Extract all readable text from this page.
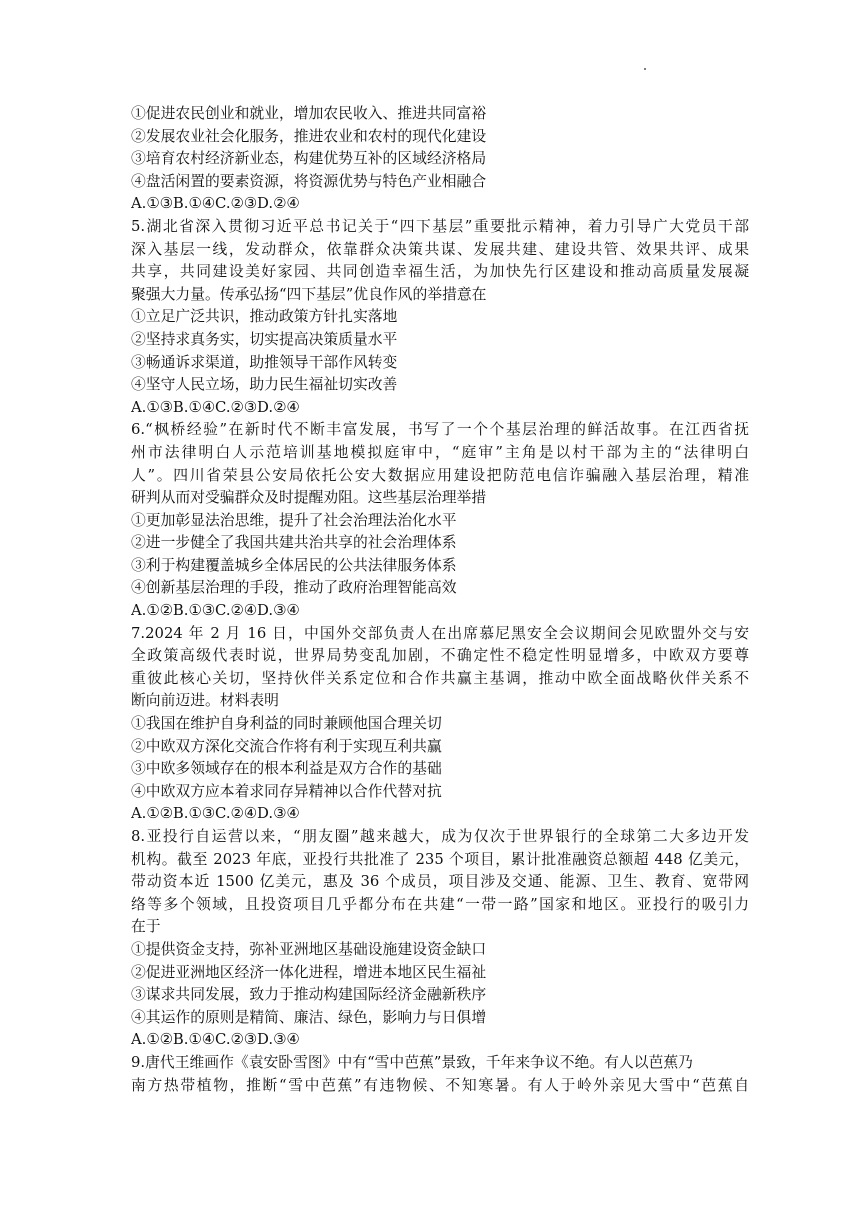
①促进农民创业和就业，增加农民收入、推进共同富裕
②发展农业社会化服务，推进农业和农村的现代化建设
③培育农村经济新业态，构建优势互补的区域经济格局
④盘活闲置的要素资源，将资源优势与特色产业相融合
A.①③B.①④C.②③D.②④
5.湖北省深入贯彻习近平总书记关于“四下基层”重要批示精神，着力引导广大党员干部
深入基层一线，发动群众，依靠群众决策共谋、发展共建、建设共管、效果共评、成果
共享，共同建设美好家园、共同创造幸福生活，为加快先行区建设和推动高质量发展凝
聚强大力量。传承弘扬“四下基层”优良作风的举措意在
①立足广泛共识，推动政策方针扎实落地
②坚持求真务实，切实提高决策质量水平
③畅通诉求渠道，助推领导干部作风转变
④坚守人民立场，助力民生福祉切实改善
A.①③B.①④C.②③D.②④
6.“枫桥经验”在新时代不断丰富发展，书写了一个个基层治理的鲜活故事。在江西省抚
州市法律明白人示范培训基地模拟庭审中，“庭审”主角是以村干部为主的“法律明白
人”。四川省荣县公安局依托公安大数据应用建设把防范电信诈骗融入基层治理，精准
研判从而对受骗群众及时提醒劝阻。这些基层治理举措
①更加彰显法治思维，提升了社会治理法治化水平
②进一步健全了我国共建共治共享的社会治理体系
③利于构建覆盖城乡全体居民的公共法律服务体系
④创新基层治理的手段，推动了政府治理智能高效
A.①②B.①③C.②④D.③④
7.2024 年 2 月 16 日，中国外交部负责人在出席慕尼黑安全会议期间会见欧盟外交与安
全政策高级代表时说，世界局势变乱加剧，不确定性不稳定性明显增多，中欧双方要尊
重彼此核心关切，坚持伙伴关系定位和合作共赢主基调，推动中欧全面战略伙伴关系不
断向前迈进。材料表明
①我国在维护自身利益的同时兼顾他国合理关切
②中欧双方深化交流合作将有利于实现互利共赢
③中欧多领域存在的根本利益是双方合作的基础
④中欧双方应本着求同存异精神以合作代替对抗
A.①②B.①③C.②④D.③④
8.亚投行自运营以来，“朋友圈”越来越大，成为仅次于世界银行的全球第二大多边开发
机构。截至 2023 年底，亚投行共批准了 235 个项目，累计批准融资总额超 448 亿美元，
带动资本近 1500 亿美元，惠及 36 个成员，项目涉及交通、能源、卫生、教育、宽带网
络等多个领域，且投资项目几乎都分布在共建“一带一路”国家和地区。亚投行的吸引力
在于
①提供资金支持，弥补亚洲地区基础设施建设资金缺口
②促进亚洲地区经济一体化进程，增进本地区民生福祉
③谋求共同发展，致力于推动构建国际经济金融新秩序
④其运作的原则是精简、廉洁、绿色，影响力与日俱增
A.①②B.①④C.②③D.③④
9.唐代王维画作《袁安卧雪图》中有“雪中芭蕉”景致，千年来争议不绝。有人以芭蕉乃
南方热带植物，推断“雪中芭蕉”有违物候、不知寒暑。有人于岭外亲见大雪中“芭蕉自
